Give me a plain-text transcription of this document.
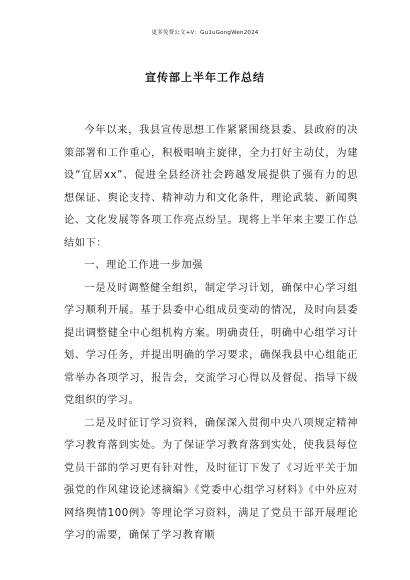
更多免费公文+V：Gu1uGongWen2024
宣传部上半年工作总结

今年以来，我县宣传思想工作紧紧围绕县委、县政府的决策部署和工作重心，积极唱响主旋律，全力打好主动仗，为建设“宜居xx”、促进全县经济社会跨越发展提供了强有力的思想保证、舆论支持、精神动力和文化条件，理论武装、新闻舆论、文化发展等各项工作亮点纷呈。现将上半年来主要工作总结如下：

一、理论工作进一步加强

一是及时调整健全组织，制定学习计划，确保中心学习组学习顺利开展。基于县委中心组成员变动的情况，及时向县委提出调整健全中心组机构方案。明确责任，明确中心组学习计划、学习任务，并提出明确的学习要求，确保我县中心组能正常举办各项学习，报告会，交流学习心得以及督促、指导下级党组织的学习。

二是及时征订学习资料，确保深入贯彻中央八项规定精神学习教育落到实处。为了保证学习教育落到实处，使我县每位党员干部的学习更有针对性，及时征订下发了《习近平关于加强党的作风建设论述摘编》《党委中心组学习材料》《中外应对网络舆情100例》等理论学习资料，满足了党员干部开展理论学习的需要，确保了学习教育顺
